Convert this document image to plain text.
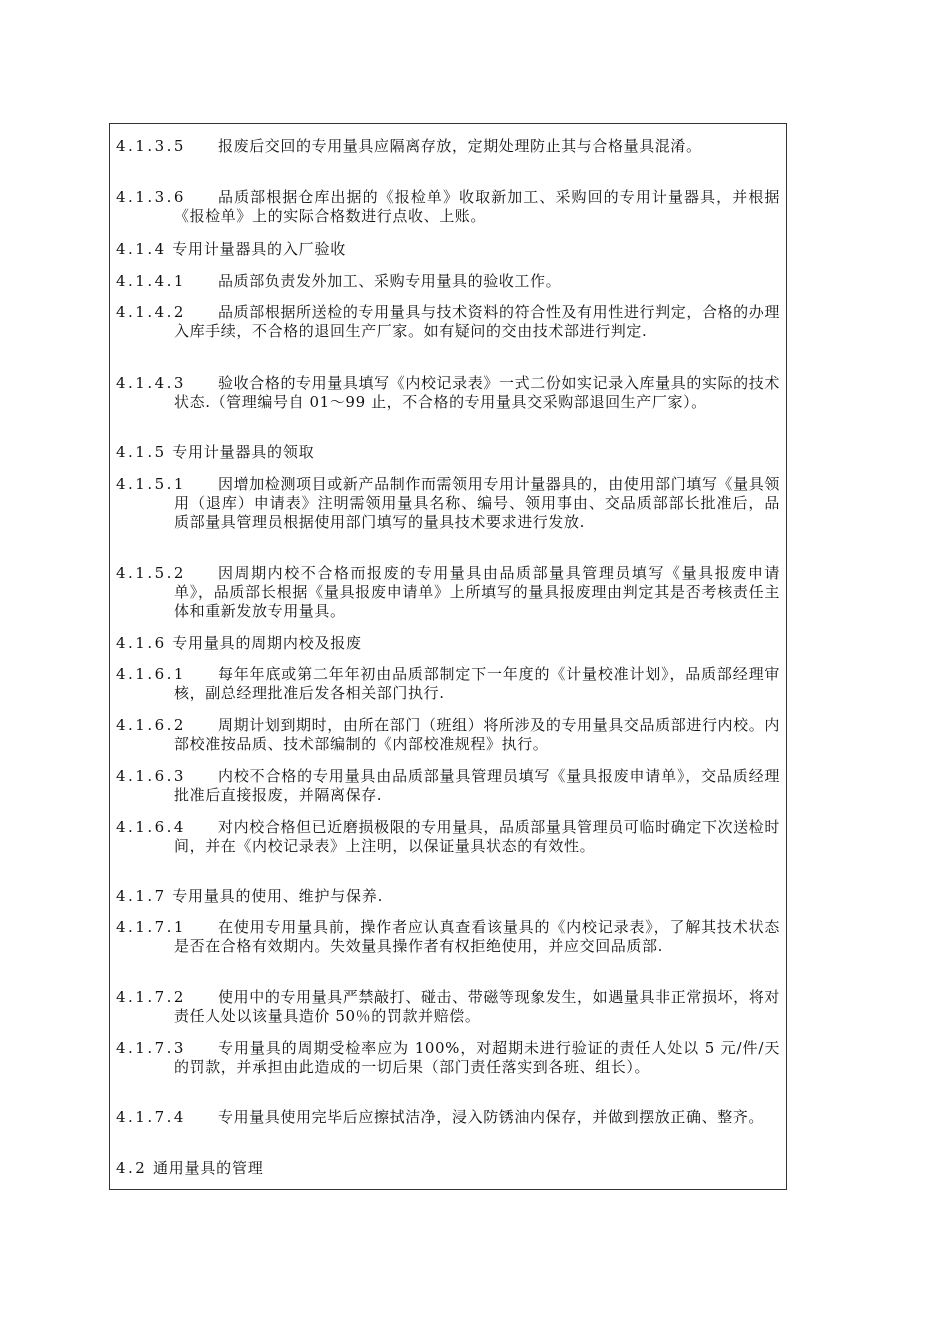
4.1.3.5	报废后交回的专用量具应隔离存放，定期处理防止其与合格量具混淆。
4.1.3.6	品质部根据仓库出据的《报检单》收取新加工、采购回的专用计量器具，并根据《报检单》上的实际合格数进行点收、上账。
4.1.4 专用计量器具的入厂验收
4.1.4.1	品质部负责发外加工、采购专用量具的验收工作。
4.1.4.2	品质部根据所送检的专用量具与技术资料的符合性及有用性进行判定，合格的办理入库手续，不合格的退回生产厂家。如有疑问的交由技术部进行判定.
4.1.4.3	验收合格的专用量具填写《内校记录表》一式二份如实记录入库量具的实际的技术状态.（管理编号自 01～99 止，不合格的专用量具交采购部退回生产厂家）。
4.1.5 专用计量器具的领取
4.1.5.1	因增加检测项目或新产品制作而需领用专用计量器具的，由使用部门填写《量具领用（退库）申请表》注明需领用量具名称、编号、领用事由、交品质部部长批准后，品质部量具管理员根据使用部门填写的量具技术要求进行发放.
4.1.5.2	因周期内校不合格而报废的专用量具由品质部量具管理员填写《量具报废申请单》，品质部长根据《量具报废申请单》上所填写的量具报废理由判定其是否考核责任主体和重新发放专用量具。
4.1.6 专用量具的周期内校及报废
4.1.6.1	每年年底或第二年年初由品质部制定下一年度的《计量校准计划》，品质部经理审核，副总经理批准后发各相关部门执行.
4.1.6.2	周期计划到期时，由所在部门（班组）将所涉及的专用量具交品质部进行内校。内部校准按品质、技术部编制的《内部校准规程》执行。
4.1.6.3	内校不合格的专用量具由品质部量具管理员填写《量具报废申请单》，交品质经理批准后直接报废，并隔离保存.
4.1.6.4	对内校合格但已近磨损极限的专用量具，品质部量具管理员可临时确定下次送检时间，并在《内校记录表》上注明，以保证量具状态的有效性。
4.1.7 专用量具的使用、维护与保养.
4.1.7.1	在使用专用量具前，操作者应认真查看该量具的《内校记录表》，了解其技术状态是否在合格有效期内。失效量具操作者有权拒绝使用，并应交回品质部.
4.1.7.2	使用中的专用量具严禁敲打、碰击、带磁等现象发生，如遇量具非正常损坏，将对责任人处以该量具造价 50％的罚款并赔偿。
4.1.7.3	专用量具的周期受检率应为 100%，对超期未进行验证的责任人处以 5 元/件/天的罚款，并承担由此造成的一切后果（部门责任落实到各班、组长）。
4.1.7.4	专用量具使用完毕后应擦拭洁净，浸入防锈油内保存，并做到摆放正确、整齐。
4.2 通用量具的管理
